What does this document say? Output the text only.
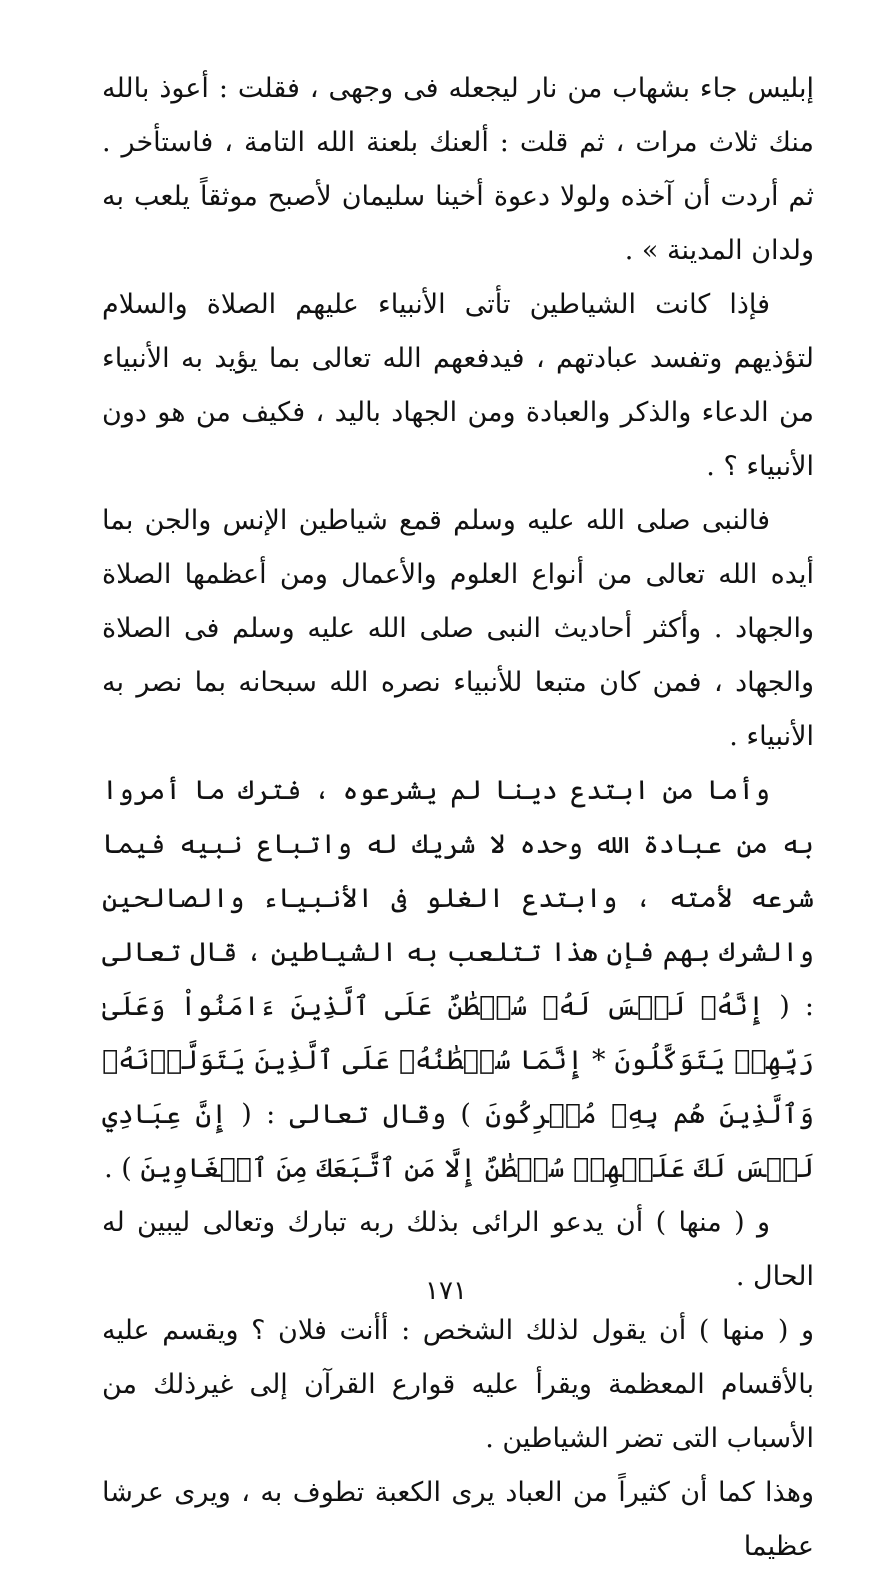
إبليس جاء بشهاب من نار ليجعله فى وجهى ، فقلت : أعوذ بالله منك ثلاث مرات ، ثم قلت : ألعنك بلعنة الله التامة ، فاستأخر . ثم أردت أن آخذه ولولا دعوة أخينا سليمان لأصبح موثقاً يلعب به ولدان المدينة » .

فإذا كانت الشياطين تأتى الأنبياء عليهم الصلاة والسلام لتؤذيهم وتفسد عبادتهم ، فيدفعهم الله تعالى بما يؤيد به الأنبياء من الدعاء والذكر والعبادة ومن الجهاد باليد ، فكيف من هو دون الأنبياء ؟ .

فالنبى صلى الله عليه وسلم قمع شياطين الإنس والجن بما أيده الله تعالى من أنواع العلوم والأعمال ومن أعظمها الصلاة والجهاد . وأكثر أحاديث النبى صلى الله عليه وسلم فى الصلاة والجهاد ، فمن كان متبعا للأنبياء نصره الله سبحانه بما نصر به الأنبياء .

وأما من ابتدع دينا لم يشرعوه ، فترك ما أمروا به من عبادة الله وحده لا شريك له واتباع نبيه فيما شرعه لأمته ، وابتدع الغلو فى الأنبياء والصالحين والشرك بهم فإن هذا تتلعب به الشياطين ، قال تعالى : ( إِنَّهُۥ لَيۡسَ لَهُۥ سُلۡطَٰنٌ عَلَى ٱلَّذِينَ ءَامَنُواْ وَعَلَىٰ رَبِّهِمۡ يَتَوَكَّلُونَ * إِنَّمَا سُلۡطَٰنُهُۥ عَلَى ٱلَّذِينَ يَتَوَلَّوۡنَهُۥ وَٱلَّذِينَ هُم بِهِۦ مُشۡرِكُونَ ) وقال تعالى : ( إِنَّ عِبَادِي لَيۡسَ لَكَ عَلَيۡهِمۡ سُلۡطَٰنٌ إِلَّا مَنِ ٱتَّبَعَكَ مِنَ ٱلۡغَاوِينَ ) .

و ( منها ) أن يدعو الرائى بذلك ربه تبارك وتعالى ليبين له الحال .

و ( منها ) أن يقول لذلك الشخص : أأنت فلان ؟ ويقسم عليه بالأقسام المعظمة ويقرأ عليه قوارع القرآن إلى غيرذلك من الأسباب التى تضر الشياطين .

وهذا كما أن كثيراً من العباد يرى الكعبة تطوف به ، ويرى عرشا عظيما

١٧١
